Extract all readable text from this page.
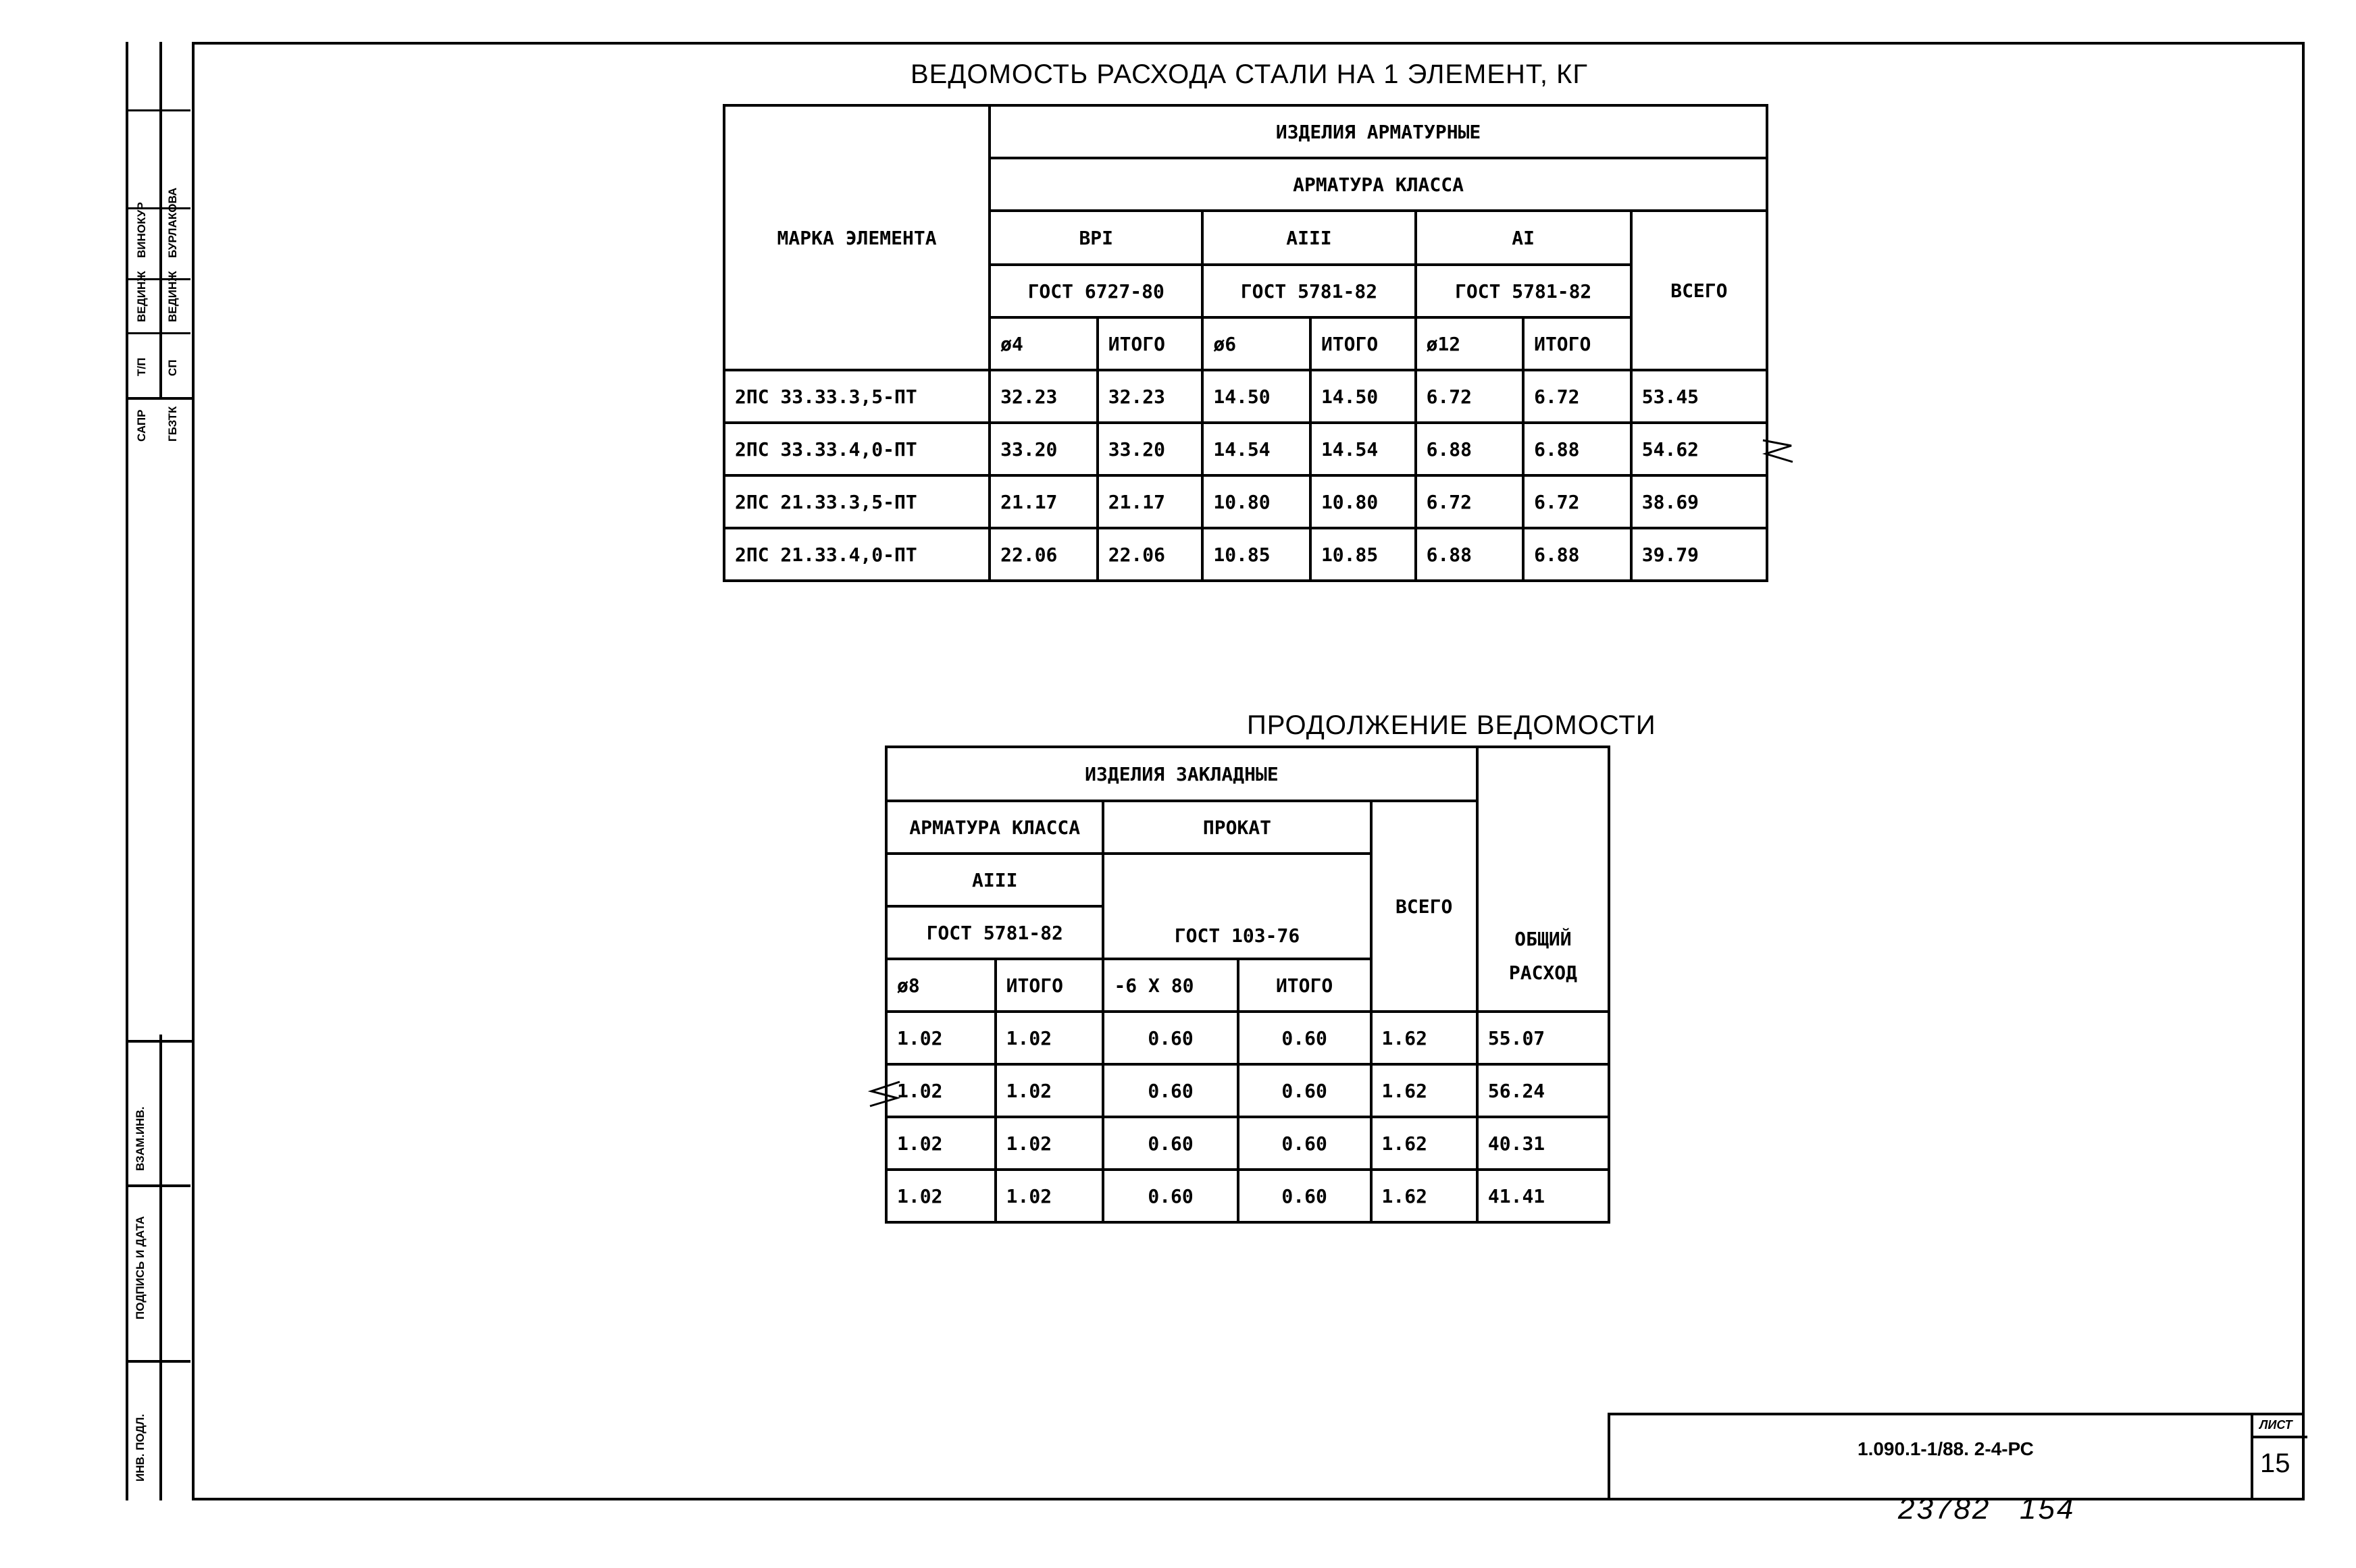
САПР
Т/П
ВЕДИНЖ
ВИНОКУР
ГБЗТК
СП
ВЕДИНЖ
БУРЛАКОВА
ВЗАМ.ИНВ.
ПОДПИСЬ И ДАТА
ИНВ. ПОДЛ.
ВЕДОМОСТЬ РАСХОДА СТАЛИ НА 1 ЭЛЕМЕНТ, КГ
МАРКА ЭЛЕМЕНТА	ИЗДЕЛИЯ АРМАТУРНЫЕ						
	АРМАТУРА КЛАССА						
	ВРI		АIII		АI		ВСЕГО
	ГОСТ 6727-80		ГОСТ 5781-82		ГОСТ 5781-82		
	ø4	ИТОГО	ø6	ИТОГО	ø12	ИТОГО	
2ПС 33.33.3,5-ПТ	32.23	32.23	14.50	14.50	6.72	6.72	53.45
2ПС 33.33.4,0-ПТ	33.20	33.20	14.54	14.54	6.88	6.88	54.62
2ПС 21.33.3,5-ПТ	21.17	21.17	10.80	10.80	6.72	6.72	38.69
2ПС 21.33.4,0-ПТ	22.06	22.06	10.85	10.85	6.88	6.88	39.79
ПРОДОЛЖЕНИЕ ВЕДОМОСТИ
ИЗДЕЛИЯ ЗАКЛАДНЫЕ					ОБЩИЙ РАСХОД
АРМАТУРА КЛАССА		ПРОКАТ		ВСЕГО	
АIII		ГОСТ 103-76			
ГОСТ 5781-82					
ø8	ИТОГО	-6 Х 80	ИТОГО		
1.02	1.02	0.60	0.60	1.62	55.07
1.02	1.02	0.60	0.60	1.62	56.24
1.02	1.02	0.60	0.60	1.62	40.31
1.02	1.02	0.60	0.60	1.62	41.41
1.090.1-1/88. 2-4-РС
ЛИСТ
15
23782 154
